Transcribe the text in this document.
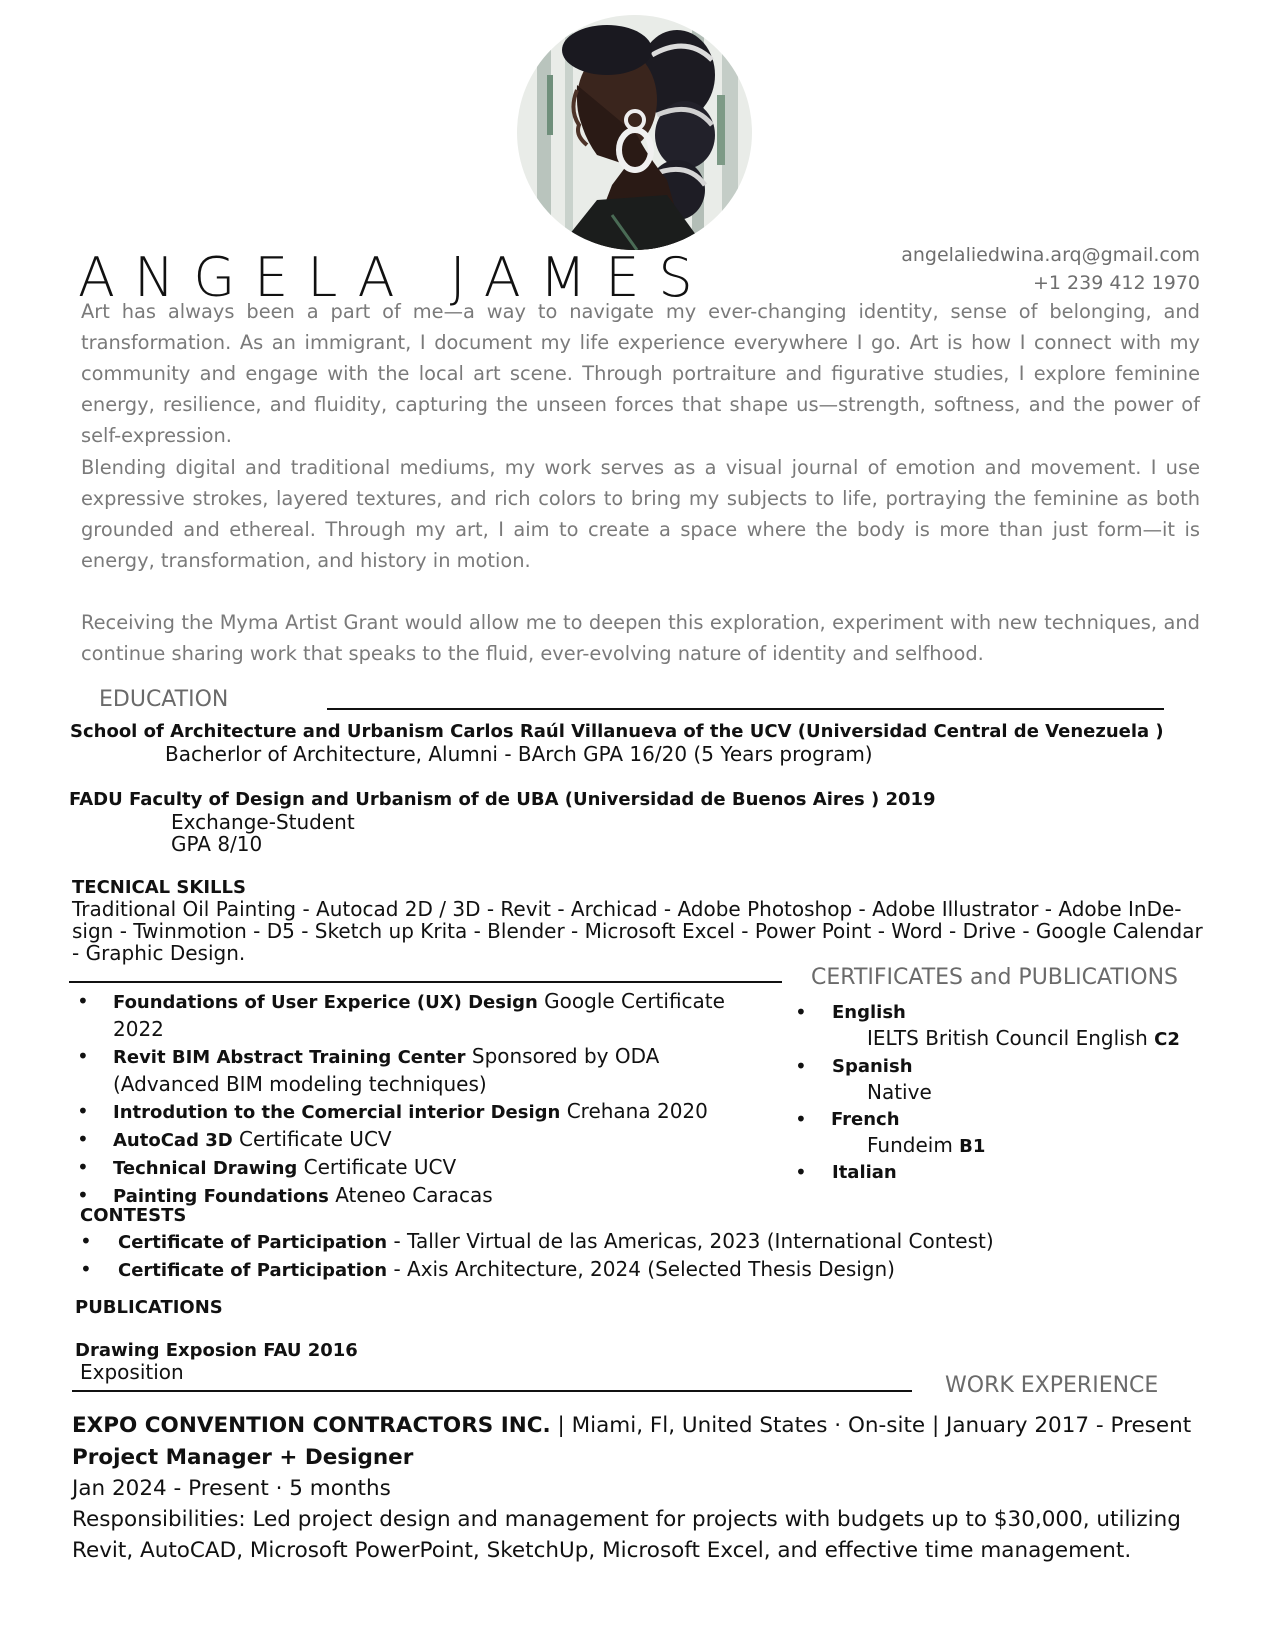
ANGELA JAMES	angelaliedwina.arq@gmail.com
+1 239 412 1970

Art has always been a part of me—a way to navigate my ever-changing identity, sense of belonging, and transformation. As an immigrant, I document my life experience everywhere I go. Art is how I connect with my community and engage with the local art scene. Through portraiture and figurative studies, I explore feminine energy, resilience, and fluidity, capturing the unseen forces that shape us—strength, softness, and the power of self-expression.

Blending digital and traditional mediums, my work serves as a visual journal of emotion and movement. I use expressive strokes, layered textures, and rich colors to bring my subjects to life, portraying the feminine as both grounded and ethereal. Through my art, I aim to create a space where the body is more than just form—it is energy, transformation, and history in motion.

Receiving the Myma Artist Grant would allow me to deepen this exploration, experiment with new techniques, and continue sharing work that speaks to the fluid, ever-evolving nature of identity and selfhood.

EDUCATION
School of Architecture and Urbanism Carlos Raúl Villanueva of the UCV (Universidad Central de Venezuela )
Bacherlor of Architecture, Alumni - BArch GPA 16/20 (5 Years program)
FADU Faculty of Design and Urbanism of de UBA (Universidad de Buenos Aires ) 2019
Exchange-Student
GPA 8/10
TECNICAL SKILLS
Traditional Oil Painting - Autocad 2D / 3D - Revit - Archicad - Adobe Photoshop - Adobe Illustrator - Adobe InDe-
sign - Twinmotion - D5 - Sketch up Krita - Blender - Microsoft Excel - Power Point - Word - Drive - Google Calendar
- Graphic Design.
CERTIFICATES and PUBLICATIONS
• Foundations of User Experice (UX) Design Google Certificate 2022
• Revit BIM Abstract Training Center Sponsored by ODA (Advanced BIM modeling techniques)
• Introdution to the Comercial interior Design Crehana 2020
• AutoCad 3D Certificate UCV
• Technical Drawing Certificate UCV
• Painting Foundations Ateneo Caracas
• English
IELTS British Council English C2
• Spanish
Native
• French
Fundeim B1
• Italian
CONTESTS
• Certificate of Participation - Taller Virtual de las Americas, 2023 (International Contest)
• Certificate of Participation - Axis Architecture, 2024 (Selected Thesis Design)
PUBLICATIONS
Drawing Exposion FAU 2016
Exposition
WORK EXPERIENCE
EXPO CONVENTION CONTRACTORS INC. | Miami, Fl, United States · On-site | January 2017 - Present
Project Manager + Designer
Jan 2024 - Present · 5 months
Responsibilities: Led project design and management for projects with budgets up to $30,000, utilizing
Revit, AutoCAD, Microsoft PowerPoint, SketchUp, Microsoft Excel, and effective time management.
